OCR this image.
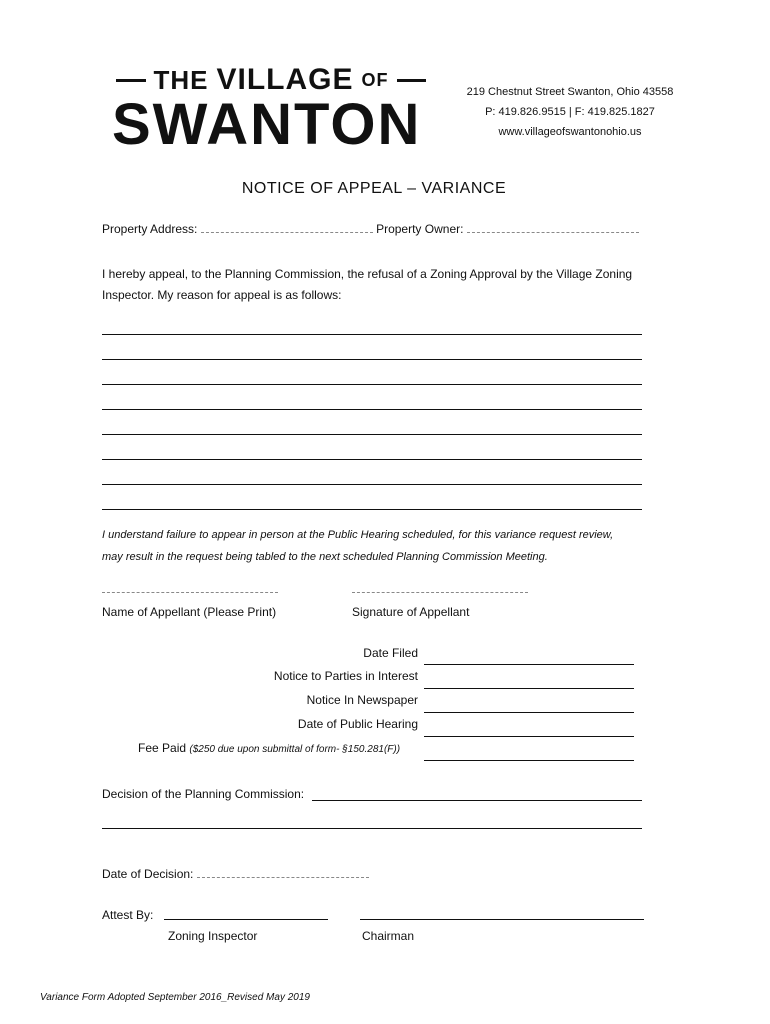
THE VILLAGE OF
SWANTON	219 Chestnut Street Swanton, Ohio 43558
P: 419.826.9515 | F: 419.825.1827
www.villageofswantonohio.us
NOTICE OF APPEAL – VARIANCE
Property Address:	Property Owner:
I hereby appeal, to the Planning Commission, the refusal of a Zoning Approval by the Village Zoning
Inspector. My reason for appeal is as follows:
I understand failure to appear in person at the Public Hearing scheduled, for this variance request review,
may result in the request being tabled to the next scheduled Planning Commission Meeting.
Name of Appellant (Please Print)	Signature of Appellant
Date Filed
Notice to Parties in Interest
Notice In Newspaper
Date of Public Hearing
Fee Paid ($250 due upon submittal of form- §150.281(F))
Decision of the Planning Commission:
Date of Decision:
Attest By:
Zoning Inspector	Chairman
Variance Form Adopted September 2016_Revised May 2019
